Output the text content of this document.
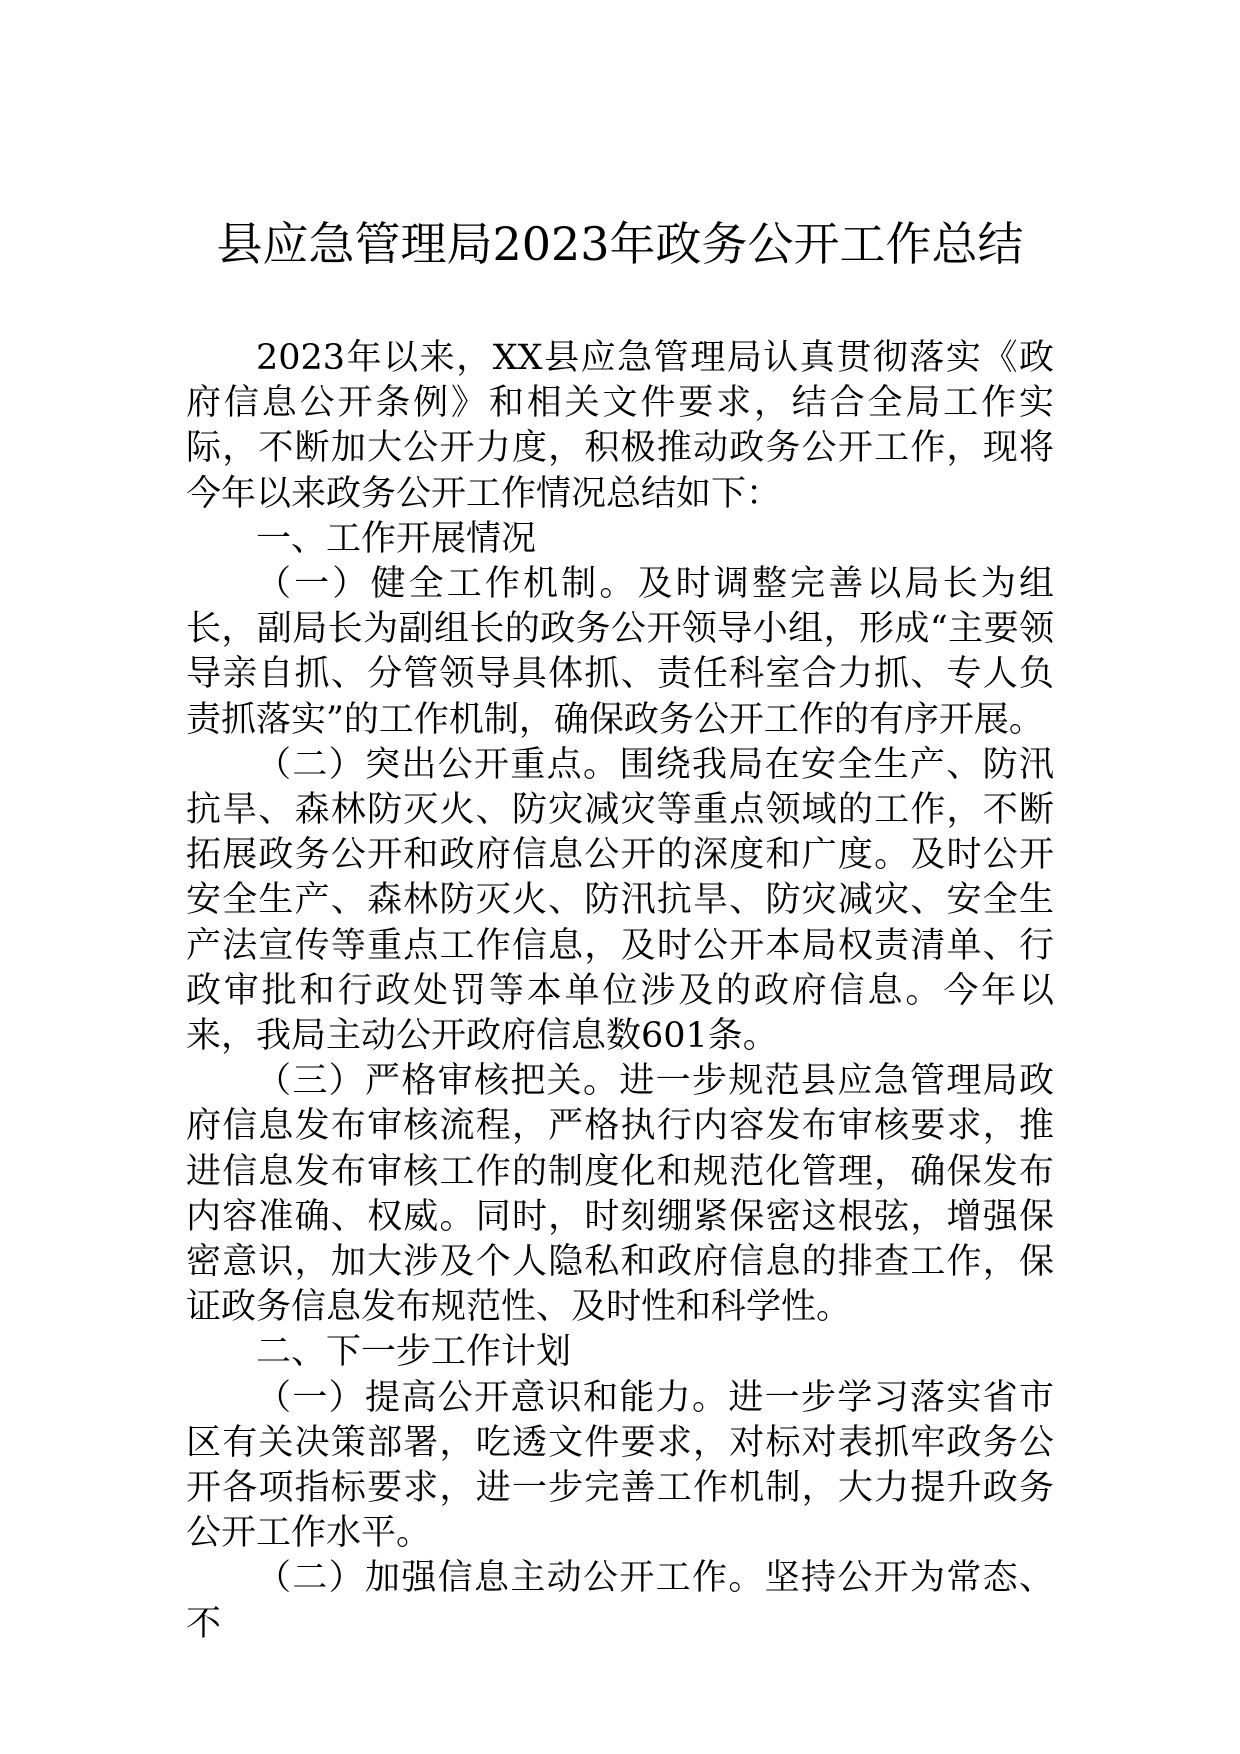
县应急管理局2023年政务公开工作总结

2023年以来，XX县应急管理局认真贯彻落实《政府信息公开条例》和相关文件要求，结合全局工作实际，不断加大公开力度，积极推动政务公开工作，现将今年以来政务公开工作情况总结如下：

一、工作开展情况

（一）健全工作机制。及时调整完善以局长为组长，副局长为副组长的政务公开领导小组，形成“主要领导亲自抓、分管领导具体抓、责任科室合力抓、专人负责抓落实”的工作机制，确保政务公开工作的有序开展。

（二）突出公开重点。围绕我局在安全生产、防汛抗旱、森林防灭火、防灾减灾等重点领域的工作，不断拓展政务公开和政府信息公开的深度和广度。及时公开安全生产、森林防灭火、防汛抗旱、防灾减灾、安全生产法宣传等重点工作信息，及时公开本局权责清单、行政审批和行政处罚等本单位涉及的政府信息。今年以来，我局主动公开政府信息数601条。

（三）严格审核把关。进一步规范县应急管理局政府信息发布审核流程，严格执行内容发布审核要求，推进信息发布审核工作的制度化和规范化管理，确保发布内容准确、权威。同时，时刻绷紧保密这根弦，增强保密意识，加大涉及个人隐私和政府信息的排查工作，保证政务信息发布规范性、及时性和科学性。

二、下一步工作计划

（一）提高公开意识和能力。进一步学习落实省市区有关决策部署，吃透文件要求，对标对表抓牢政务公开各项指标要求，进一步完善工作机制，大力提升政务公开工作水平。

（二）加强信息主动公开工作。坚持公开为常态、不
